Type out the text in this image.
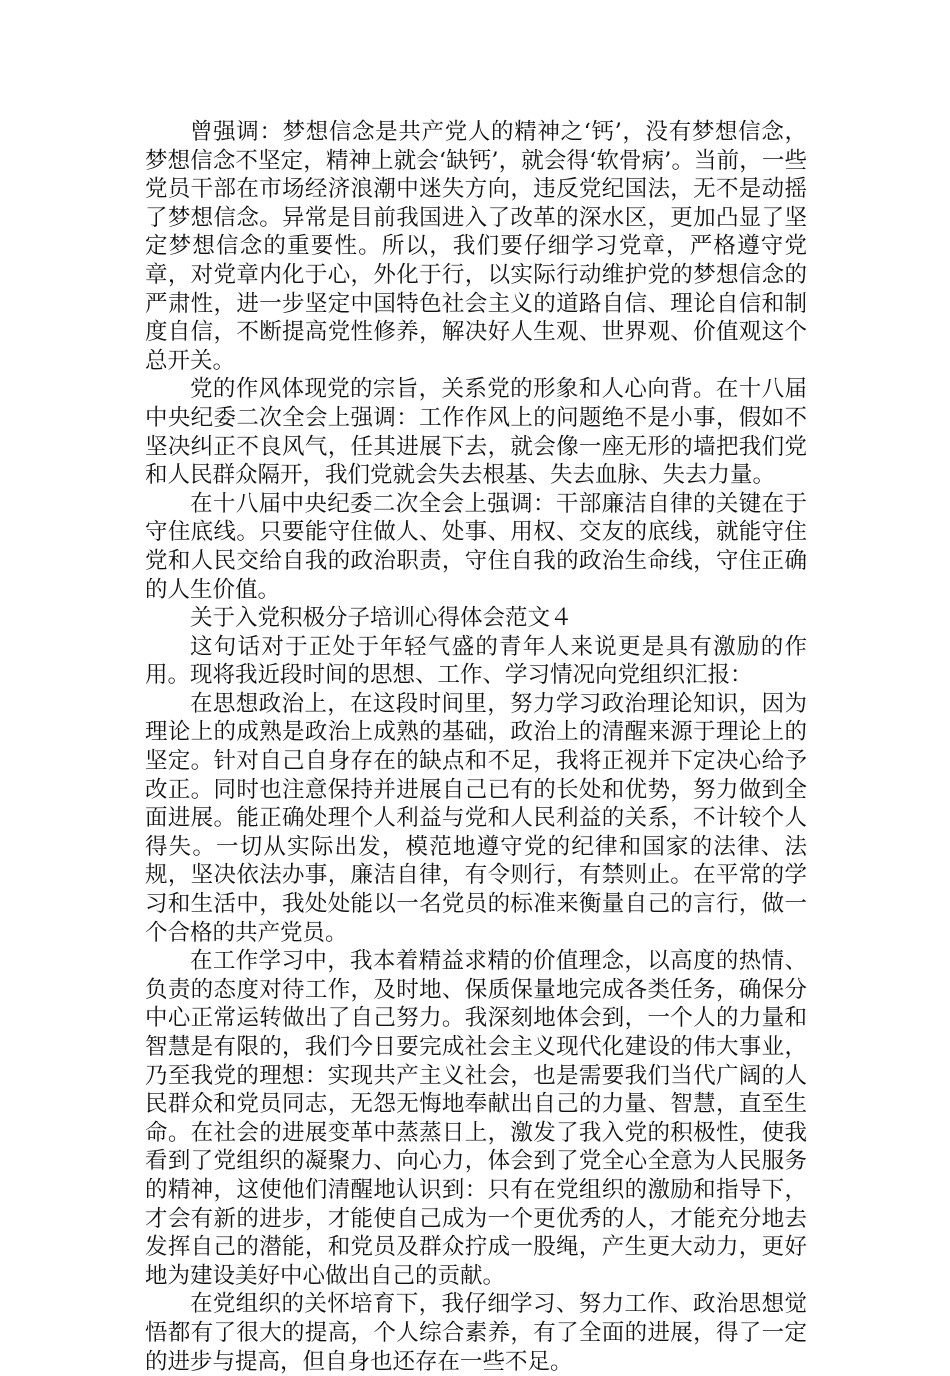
曾强调：梦想信念是共产党人的精神之‘钙’，没有梦想信念，梦想信念不坚定，精神上就会‘缺钙’，就会得‘软骨病’。当前，一些党员干部在市场经济浪潮中迷失方向，违反党纪国法，无不是动摇了梦想信念。异常是目前我国进入了改革的深水区，更加凸显了坚定梦想信念的重要性。所以，我们要仔细学习党章，严格遵守党章，对党章内化于心，外化于行，以实际行动维护党的梦想信念的严肃性，进一步坚定中国特色社会主义的道路自信、理论自信和制度自信，不断提高党性修养，解决好人生观、世界观、价值观这个总开关。

党的作风体现党的宗旨，关系党的形象和人心向背。在十八届中央纪委二次全会上强调：工作作风上的问题绝不是小事，假如不坚决纠正不良风气，任其进展下去，就会像一座无形的墙把我们党和人民群众隔开，我们党就会失去根基、失去血脉、失去力量。

在十八届中央纪委二次全会上强调：干部廉洁自律的关键在于守住底线。只要能守住做人、处事、用权、交友的底线，就能守住党和人民交给自我的政治职责，守住自我的政治生命线，守住正确的人生价值。

关于入党积极分子培训心得体会范文４

这句话对于正处于年轻气盛的青年人来说更是具有激励的作用。现将我近段时间的思想、工作、学习情况向党组织汇报：

在思想政治上，在这段时间里，努力学习政治理论知识，因为理论上的成熟是政治上成熟的基础，政治上的清醒来源于理论上的坚定。针对自己自身存在的缺点和不足，我将正视并下定决心给予改正。同时也注意保持并进展自己已有的长处和优势，努力做到全面进展。能正确处理个人利益与党和人民利益的关系，不计较个人得失。一切从实际出发，模范地遵守党的纪律和国家的法律、法规，坚决依法办事，廉洁自律，有令则行，有禁则止。在平常的学习和生活中，我处处能以一名党员的标准来衡量自己的言行，做一个合格的共产党员。

在工作学习中，我本着精益求精的价值理念，以高度的热情、负责的态度对待工作，及时地、保质保量地完成各类任务，确保分中心正常运转做出了自己努力。我深刻地体会到，一个人的力量和智慧是有限的，我们今日要完成社会主义现代化建设的伟大事业，乃至我党的理想：实现共产主义社会，也是需要我们当代广阔的人民群众和党员同志，无怨无悔地奉献出自己的力量、智慧，直至生命。在社会的进展变革中蒸蒸日上，激发了我入党的积极性，使我看到了党组织的凝聚力、向心力，体会到了党全心全意为人民服务的精神，这使他们清醒地认识到：只有在党组织的激励和指导下，才会有新的进步，才能使自己成为一个更优秀的人，才能充分地去发挥自己的潜能，和党员及群众拧成一股绳，产生更大动力，更好地为建设美好中心做出自己的贡献。

在党组织的关怀培育下，我仔细学习、努力工作、政治思想觉悟都有了很大的提高，个人综合素养，有了全面的进展，得了一定的进步与提高，但自身也还存在一些不足。
